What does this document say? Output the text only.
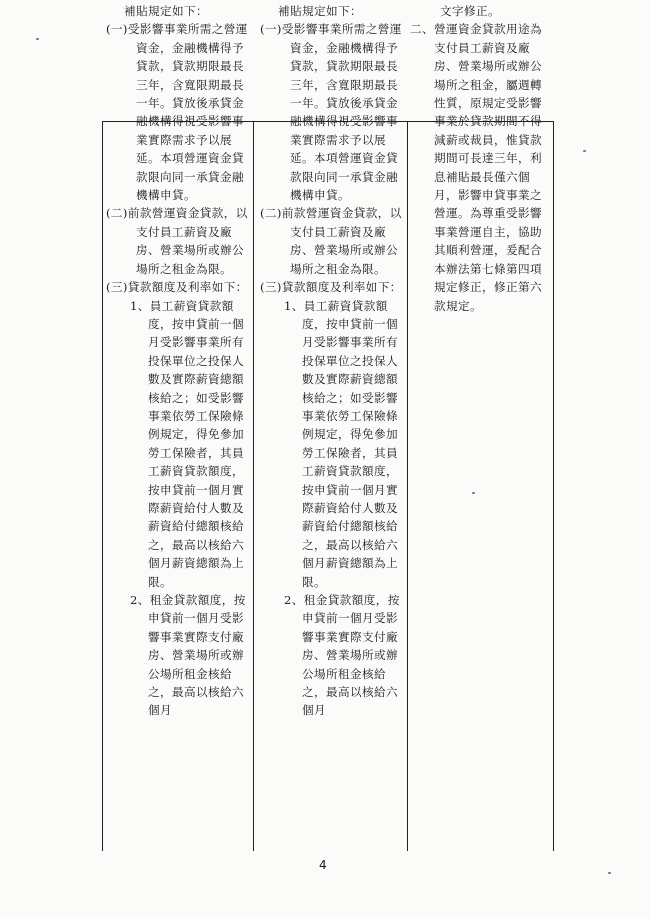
補貼規定如下：

(一)受影響事業所需之營運資金，金融機構得予貸款，貸款期限最長三年，含寬限期最長一年。貸放後承貸金融機構得視受影響事業實際需求予以展延。本項營運資金貸款限向同一承貸金融機構申貸。

(二)前款營運資金貸款，以支付員工薪資及廠房、營業場所或辦公場所之租金為限。

(三)貸款額度及利率如下：

1、員工薪資貸款額度，按申貸前一個月受影響事業所有投保單位之投保人數及實際薪資總額核給之；如受影響事業依勞工保險條例規定，得免參加勞工保險者，其員工薪資貸款額度，按申貸前一個月實際薪資給付人數及薪資給付總額核給之，最高以核給六個月薪資總額為上限。

2、租金貸款額度，按申貸前一個月受影響事業實際支付廠房、營業場所或辦公場所租金核給之，最高以核給六個月

補貼規定如下：

(一)受影響事業所需之營運資金，金融機構得予貸款，貸款期限最長三年，含寬限期最長一年。貸放後承貸金融機構得視受影響事業實際需求予以展延。本項營運資金貸款限向同一承貸金融機構申貸。

(二)前款營運資金貸款，以支付員工薪資及廠房、營業場所或辦公場所之租金為限。

(三)貸款額度及利率如下：

1、員工薪資貸款額度，按申貸前一個月受影響事業所有投保單位之投保人數及實際薪資總額核給之；如受影響事業依勞工保險條例規定，得免參加勞工保險者，其員工薪資貸款額度，按申貸前一個月實際薪資給付人數及薪資給付總額核給之，最高以核給六個月薪資總額為上限。

2、租金貸款額度，按申貸前一個月受影響事業實際支付廠房、營業場所或辦公場所租金核給之，最高以核給六個月

文字修正。

二、營運資金貸款用途為支付員工薪資及廠房、營業場所或辦公場所之租金，屬週轉性質，原規定受影響事業於貸款期間不得減薪或裁員，惟貸款期間可長達三年，利息補貼最長僅六個月，影響申貸事業之營運。為尊重受影響事業營運自主，協助其順利營運，爰配合本辦法第七條第四項規定修正，修正第六款規定。

4
